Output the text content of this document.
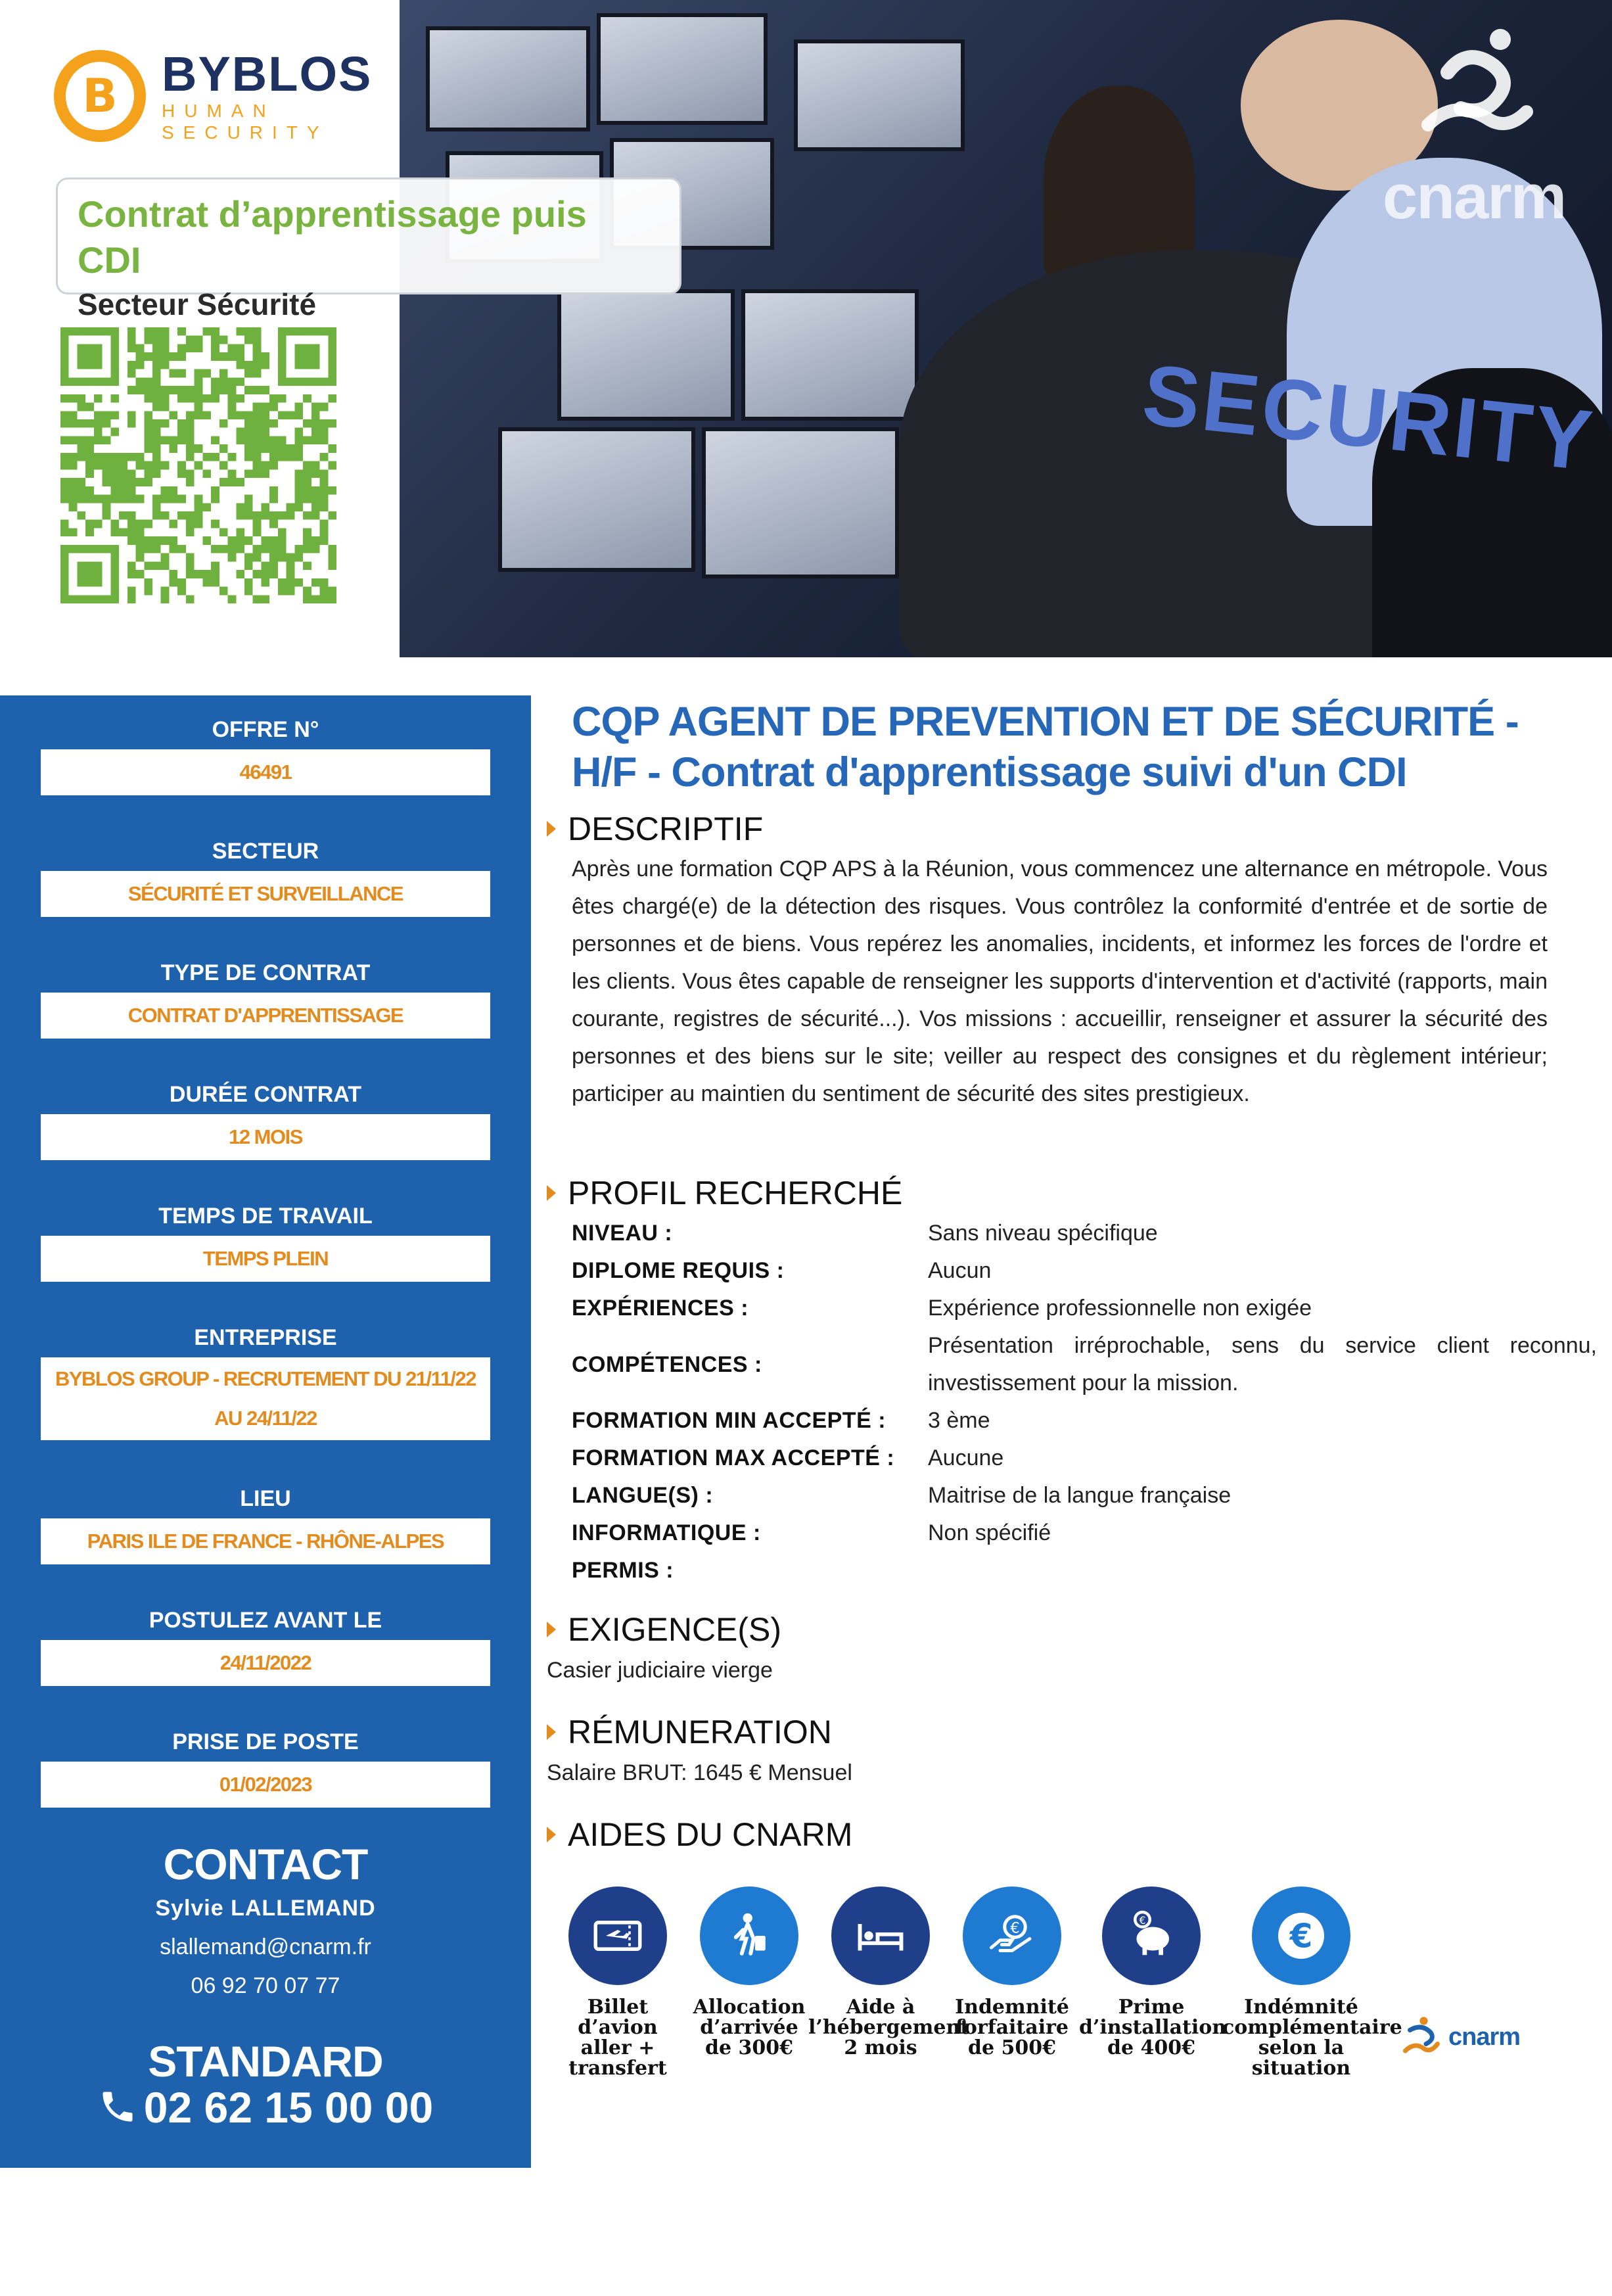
SECURITY
cnarm
B BYBLOS
HUMAN
SECURITY
Contrat d’apprentissage puis CDI
Secteur Sécurité
OFFRE N°
46491
SECTEUR
SÉCURITÉ ET SURVEILLANCE
TYPE DE CONTRAT
CONTRAT D'APPRENTISSAGE
DURÉE CONTRAT
12 MOIS
TEMPS DE TRAVAIL
TEMPS PLEIN
ENTREPRISE
BYBLOS GROUP - RECRUTEMENT DU 21/11/22
AU 24/11/22
LIEU
PARIS ILE DE FRANCE - RHÔNE-ALPES
POSTULEZ AVANT LE
24/11/2022
PRISE DE POSTE
01/02/2023
CONTACT
Sylvie LALLEMAND
slallemand@cnarm.fr
06 92 70 07 77
STANDARD
02 62 15 00 00
CQP AGENT DE PREVENTION ET DE SÉCURITÉ -
H/F - Contrat d'apprentissage suivi d'un CDI
DESCRIPTIF
Après une formation CQP APS à la Réunion, vous commencez une alternance en métropole. Vous êtes chargé(e) de la détection des risques. Vous contrôlez la conformité d'entrée et de sortie de personnes et de biens. Vous repérez les anomalies, incidents, et informez les forces de l'ordre et les clients. Vous êtes capable de renseigner les supports d'intervention et d'activité (rapports, main courante, registres de sécurité...). Vos missions : accueillir, renseigner et assurer la sécurité des personnes et des biens sur le site; veiller au respect des consignes et du règlement intérieur; participer au maintien du sentiment de sécurité des sites prestigieux.
PROFIL RECHERCHÉ
NIVEAU :	Sans niveau spécifique
DIPLOME REQUIS :	Aucun
EXPÉRIENCES :	Expérience professionnelle non exigée
COMPÉTENCES :
Présentation irréprochable, sens du service client reconnu, investissement pour la mission.
FORMATION MIN ACCEPTÉ :	3 ème
FORMATION MAX ACCEPTÉ :	Aucune
LANGUE(S) :	Maitrise de la langue française
INFORMATIQUE :	Non spécifié
PERMIS :
EXIGENCE(S)
Casier judiciaire vierge
RÉMUNERATION
Salaire BRUT: 1645 € Mensuel
AIDES DU CNARM
Billet d’avion
aller +
transfert
Allocation
d’arrivée
de 300€
Aide à
l’hébergement
2 mois
€
Indemnité
forfaitaire
de 500€
€
Prime
d’installation
de 400€
€
Indémnité
complémentaire
selon la situation
cnarm
